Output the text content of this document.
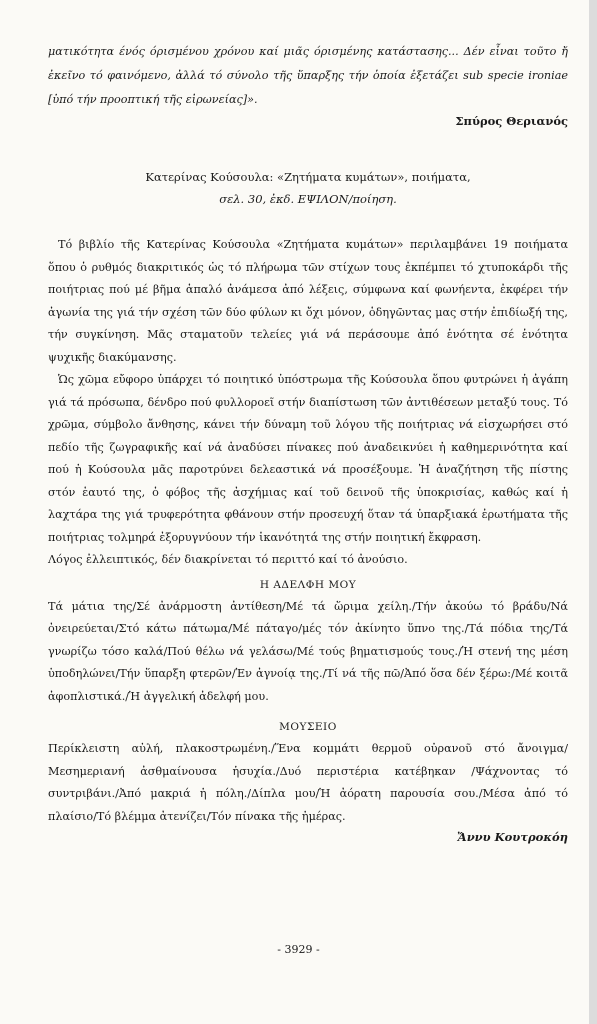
ματικότητα ένός όρισμένου χρόνου καί μιᾶς όρισμένης κατάστασης... Δέν εἶναι τοῦτο ἤ ἐκεῖνο τό φαινόμενο, ἀλλά τό σύνολο τῆς ὕπαρξης τήν ὁποία ἐξετάζει sub specie ironiae [ὑπό τήν προοπτική τῆς εἰρωνείας]».

Σπύρος Θεριανός
Κατερίνας Κούσουλα: «Ζητήματα κυμάτων», ποιήματα,
σελ. 30, ἐκδ. ΕΨΙΛΟΝ/ποίηση.

Τό βιβλίο τῆς Κατερίνας Κούσουλα «Ζητήματα κυμάτων» περιλαμβάνει 19 ποιήματα ὅπου ὁ ρυθμός διακριτικός ὡς τό πλήρωμα τῶν στίχων τους ἐκπέμπει τό χτυποκάρδι τῆς ποιήτριας πού μέ βῆμα ἁπαλό ἀνάμεσα ἀπό λέξεις, σύμφωνα καί φωνήεντα, ἐκφέρει τήν ἀγωνία της γιά τήν σχέση τῶν δύο φύλων κι ὄχι μόνον, ὁδηγῶντας μας στήν ἐπιδίωξή της, τήν συγκίνηση. Μᾶς σταματοῦν τελείες γιά νά περάσουμε ἀπό ἑνότητα σέ ἑνότητα ψυχικῆς διακύμανσης.

Ὡς χῶμα εὔφορο ὑπάρχει τό ποιητικό ὑπόστρωμα τῆς Κούσουλα ὅπου φυτρώνει ἡ ἀγάπη γιά τά πρόσωπα, δένδρο πού φυλλοροεῖ στήν διαπίστωση τῶν ἀντιθέσεων μεταξύ τους. Τό χρῶμα, σύμβολο ἄνθησης, κάνει τήν δύναμη τοῦ λόγου τῆς ποιήτριας νά εἰσχωρήσει στό πεδίο τῆς ζωγραφικῆς καί νά ἀναδύσει πίνακες πού ἀναδεικνύει ἡ καθημερινότητα καί πού ἡ Κούσουλα μᾶς παροτρύνει δελεαστικά νά προσέξουμε. Ἡ ἀναζήτηση τῆς πίστης στόν ἑαυτό της, ὁ φόβος τῆς ἀσχήμιας καί τοῦ δεινοῦ τῆς ὑποκρισίας, καθώς καί ἡ λαχτάρα της γιά τρυφερότητα φθάνουν στήν προσευχή ὅταν τά ὑπαρξιακά ἐρωτήματα τῆς ποιήτριας τολμηρά ἐξορυγνύουν τήν ἱκανότητά της στήν ποιητική ἔκφραση.

Λόγος ἐλλειπτικός, δέν διακρίνεται τό περιττό καί τό ἀνούσιο.

Η ΑΔΕΛΦΗ ΜΟΥ

Τά μάτια της/Σέ ἀνάρμοστη ἀντίθεση/Μέ τά ὥριμα χείλη./Τήν ἀκούω τό βράδυ/Νά ὀνειρεύεται/Στό κάτω πάτωμα/Μέ πάταγο/μές τόν ἀκίνητο ὕπνο της./Τά πόδια της/Τά γνωρίζω τόσο καλά/Πού θέλω νά γελάσω/Μέ τούς βηματισμούς τους./Ἡ στενή της μέση ὑποδηλώνει/Τήν ὕπαρξη φτερῶν/Ἐν ἀγνοίᾳ της./Τί νά τῆς πῶ/Ἀπό ὅσα δέν ξέρω:/Μέ κοιτᾶ ἀφοπλιστικά./Ἡ ἀγγελική ἀδελφή μου.

ΜΟΥΣΕΙΟ

Περίκλειστη αὐλή, πλακοστρωμένη./Ἕνα κομμάτι θερμοῦ οὐρανοῦ στό ἄνοιγμα/Μεσημεριανή ἀσθμαίνουσα ἡσυχία./Δυό περιστέρια κατέβηκαν /Ψάχνοντας τό συντριβάνι./Ἀπό μακριά ἡ πόλη./Δίπλα μου/Ἡ ἀόρατη παρουσία σου./Μέσα ἀπό τό πλαίσιο/Τό βλέμμα ἀτενίζει/Τόν πίνακα τῆς ἡμέρας.

Ἄννυ Κουτροκόη
- 3929 -
